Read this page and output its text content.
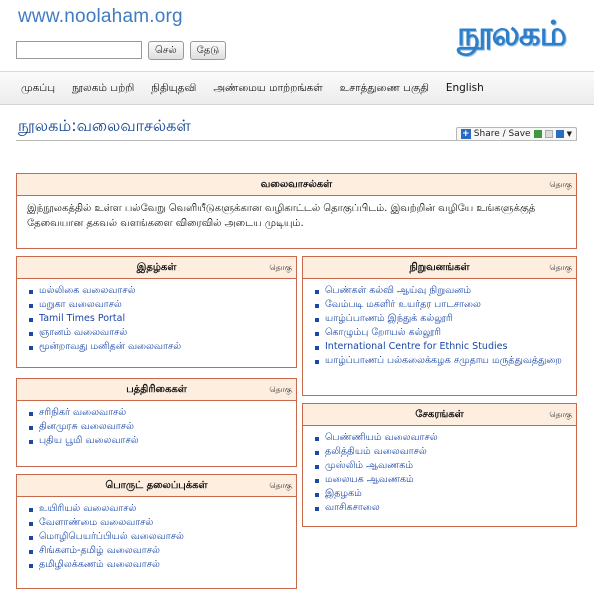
www.noolaham.org
செல்	தேடு	நூலகம்
முகப்பு நூலகம் பற்றி நிதியுதவி அண்மைய மாற்றங்கள் உசாத்துணை பகுதி English
நூலகம்:வலைவாசல்கள்	+ Share / Save	▼
வலைவாசல்கள்	தொகு
இந்நூலகத்தில் உள்ள பல்வேறு வெளியீடுகளுக்கான வழிகாட்டல் தொகுப்பிடம். இவற்றின் வழியே உங்களுக்குத் தேவையான தகவல் வளங்களை விரைவில் அடைய முடியும்.
இதழ்கள்	தொகு
மல்லிகை வலைவாசல்
மறுகா வலைவாசல்
Tamil Times Portal
ஞானம் வலைவாசல்
மூன்றாவது மனிதன் வலைவாசல்
பத்திரிகைகள்	தொகு
சரிநிகர் வலைவாசல்
தினமுரசு வலைவாசல்
புதிய பூமி வலைவாசல்
பொருட் தலைப்புக்கள்	தொகு
உயிரியல் வலைவாசல்
வேளாண்மை வலைவாசல்
மொழிபெயர்ப்பியல் வலைவாசல்
சிங்களம்-தமிழ் வலைவாசல்
தமிழிலக்கணம் வலைவாசல்
நிறுவனங்கள்	தொகு
பெண்கள் கல்வி ஆய்வு நிறுவனம்
வேம்படி மகளிர் உயர்தர பாடசாலை
யாழ்ப்பாணம் இந்துக் கல்லூரி
கொழும்பு றோயல் கல்லூரி
International Centre for Ethnic Studies
யாழ்ப்பாணப் பல்கலைக்கழக சமுதாய மருத்துவத்துறை
சேகரங்கள்	தொகு
பெண்ணியம் வலைவாசல்
தலித்தியம் வலைவாசல்
முஸ்லிம் ஆவணகம்
மலையக ஆவணகம்
இதழகம்
வாசிகசாலை
